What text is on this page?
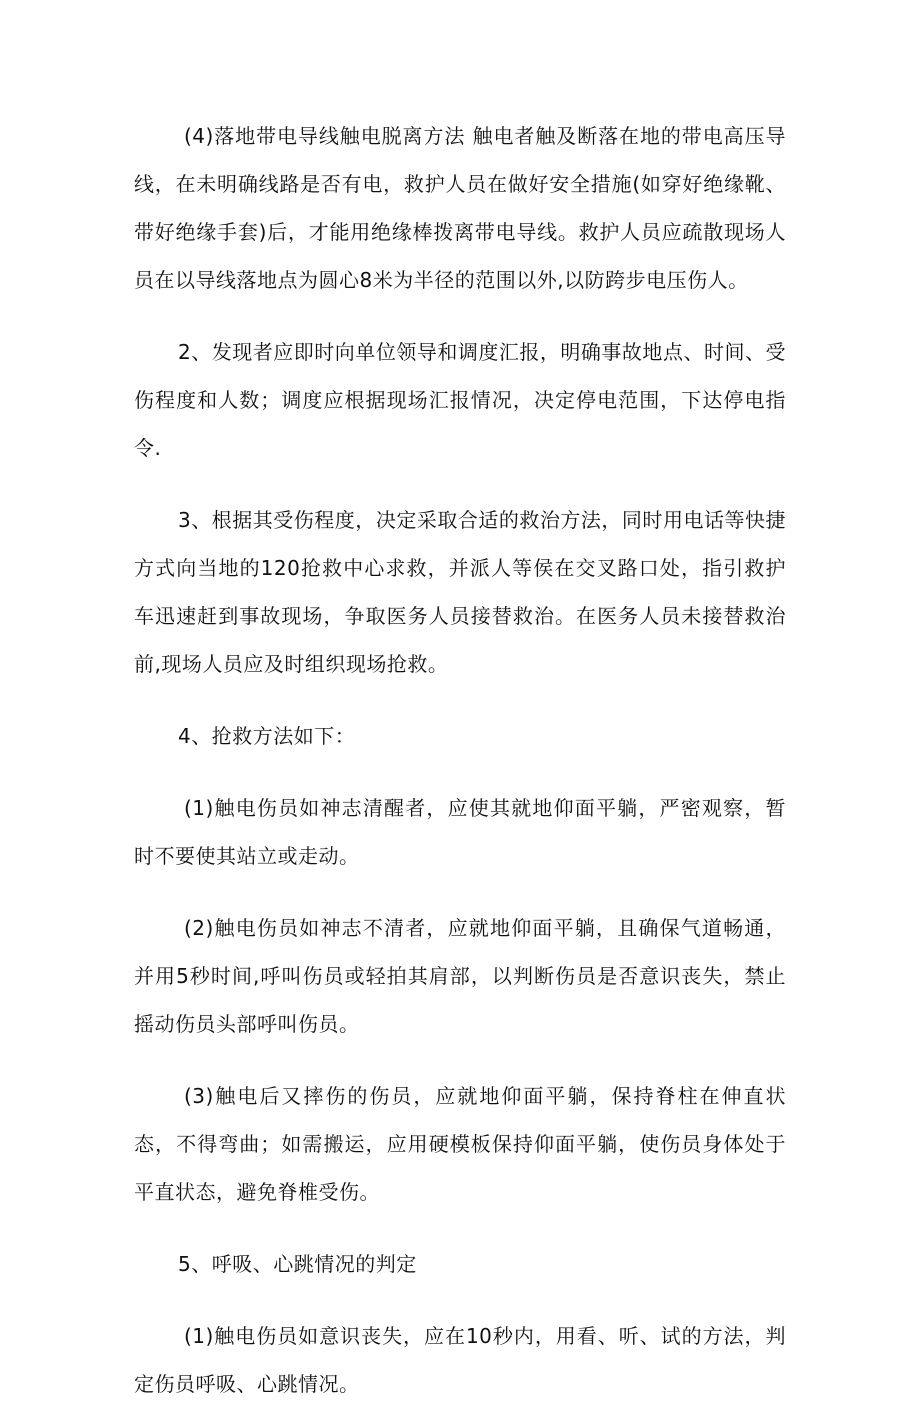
(4)落地带电导线触电脱离方法 触电者触及断落在地的带电高压导线，在未明确线路是否有电，救护人员在做好安全措施(如穿好绝缘靴、带好绝缘手套)后，才能用绝缘棒拨离带电导线。救护人员应疏散现场人员在以导线落地点为圆心8米为半径的范围以外,以防跨步电压伤人。

2、发现者应即时向单位领导和调度汇报，明确事故地点、时间、受伤程度和人数；调度应根据现场汇报情况，决定停电范围，下达停电指令.

3、根据其受伤程度，决定采取合适的救治方法，同时用电话等快捷方式向当地的120抢救中心求救，并派人等侯在交叉路口处，指引救护车迅速赶到事故现场，争取医务人员接替救治。在医务人员未接替救治前,现场人员应及时组织现场抢救。

4、抢救方法如下：

(1)触电伤员如神志清醒者，应使其就地仰面平躺，严密观察，暂时不要使其站立或走动。

(2)触电伤员如神志不清者，应就地仰面平躺，且确保气道畅通，并用5秒时间,呼叫伤员或轻拍其肩部，以判断伤员是否意识丧失，禁止摇动伤员头部呼叫伤员。

(3)触电后又摔伤的伤员，应就地仰面平躺，保持脊柱在伸直状态，不得弯曲；如需搬运，应用硬模板保持仰面平躺，使伤员身体处于平直状态，避免脊椎受伤。

5、呼吸、心跳情况的判定

(1)触电伤员如意识丧失，应在10秒内，用看、听、试的方法，判定伤员呼吸、心跳情况。
